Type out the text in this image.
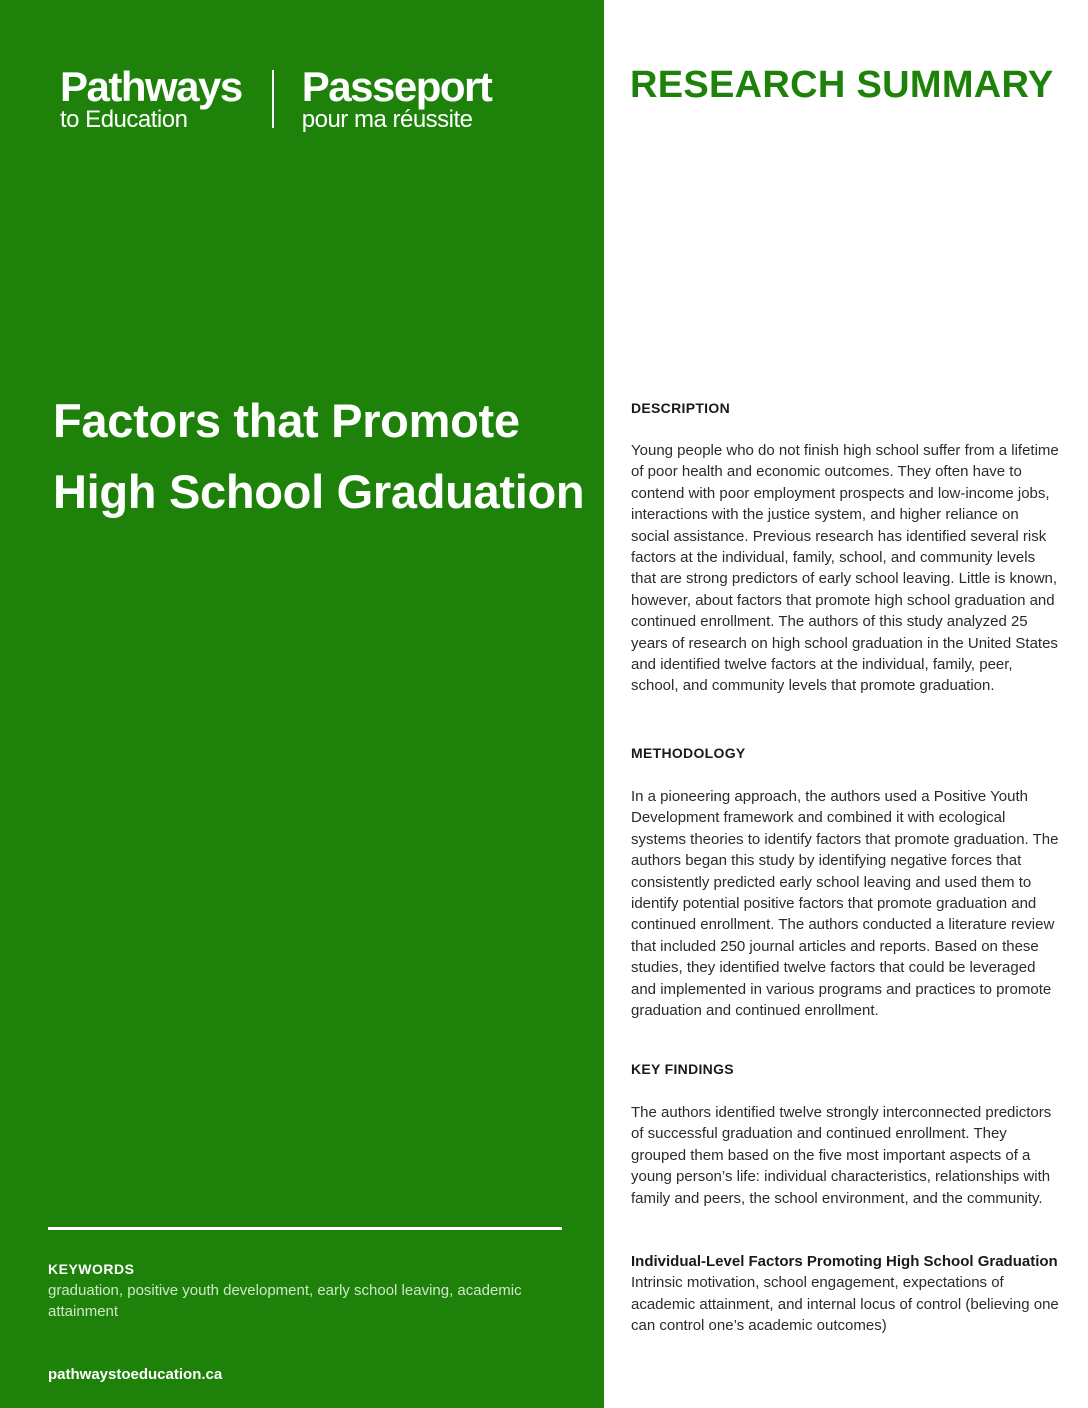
Pathways
to Education
Passeport
pour ma réussite
Factors that Promote High School Graduation
KEYWORDS
graduation, positive youth development, early school leaving, academic attainment
pathwaystoeducation.ca
RESEARCH SUMMARY
DESCRIPTION

Young people who do not finish high school suffer from a lifetime of poor health and economic outcomes. They often have to contend with poor employment prospects and low-income jobs, interactions with the justice system, and higher reliance on social assistance. Previous research has identified several risk factors at the individual, family, school, and community levels that are strong predictors of early school leaving. Little is known, however, about factors that promote high school graduation and continued enrollment. The authors of this study analyzed 25 years of research on high school graduation in the United States and identified twelve factors at the individual, family, peer, school, and community levels that promote graduation.

METHODOLOGY

In a pioneering approach, the authors used a Positive Youth Development framework and combined it with ecological systems theories to identify factors that promote graduation. The authors began this study by identifying negative forces that consistently predicted early school leaving and used them to identify potential positive factors that promote graduation and continued enrollment. The authors conducted a literature review that included 250 journal articles and reports. Based on these studies, they identified twelve factors that could be leveraged and implemented in various programs and practices to promote graduation and continued enrollment.

KEY FINDINGS

The authors identified twelve strongly interconnected predictors of successful graduation and continued enrollment. They grouped them based on the five most important aspects of a young person’s life: individual characteristics, relationships with family and peers, the school environment, and the community.

Individual-Level Factors Promoting High School Graduation

Intrinsic motivation, school engagement, expectations of academic attainment, and internal locus of control (believing one can control one’s academic outcomes)
